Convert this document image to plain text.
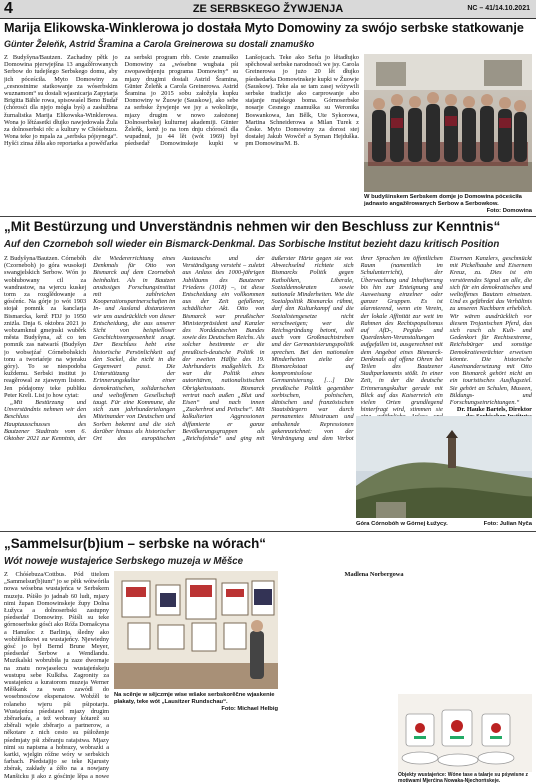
4	ZE SERBSKEGO ŽYWJENJA	NC – 41/14.10.2021
Marija Elikowska-Winklerowa jo dostała Myto Domowiny za swójo serbske statkowanje
Günter Želeňk, Astrid Šramina a Carola Greinerowa su dostali znamuško

Z Budyšyna/Bautzen. Zachadny pětk jo Domowina pjerwjejšna 13 angažěrowanych Serbow do tudejšego Serbskego domu, aby jich póceściła. Myto Domowiny za „cesnostnime statkowanje za wóserbskim wuznamom“ su dostali wjasnicarja Zapytarja Brigitta Bähle rowa, spisowaśel Beno Budař (chórosći dla njejo mógła byś) a zasłužbna žurnalistka Marija Elikowska-Winklerowa. Wona jo lětźasetki dłujko nawjedowała Žula za dolnoserbski rěc a kultury w Chóśebuzu. Wona teke jo mpala za „serbska pójsynega“. Hyšći zinsa źěła ako reportarka a powěďarka za serbski program rbb. Ceste znamuško Domowiny za „wósebne wugbaia pśi zwopawdnjenju programa Domowiny“ su mjazy drugimi dostali Astrid Šramina, Günter Želeňk a Carola Greinerowa. Astrid Šramina jo 2015 sobu załožyła kupku Domowiny w Žuowje (Sauskow), ako sebe za serbske žywjenje we jsy a wokolinje, mjazy drugim w nowo założonej Dolnoserbskej kulturnej akademiji. Günter Želeňk, kenž jo na tom dnju chórosći dla wupadnuł, ju 44 lět (wót 1969) był pśedsedař Domowinskeje kupki w Lanšojcach. Teke ako Sefta jo lětadłujko spěchował serbske narodnosći we jsy. Carola Greinerowa jo jużo 20 lět dłujko pśedsedarka Domowinskeje kupki w Žuowje (Sauskow). Teke ala se tam zasej wóżywili serbske tradicije ako carprowanje abo stajanje majskego boma. Górnoserbske nosarje Cesnego znamuška su Weronika Boswankowa, Jan Bělk, Ute Sykorowa, Martina Schneiderowa a Milan Turek z Česke. Myto Domowiny za dorost stej dostałej Jakub Wowčeř a Syman Hejduška. pm Domowina/M. B.

W budyšinskem Serbskem domje jo Domowina póceściła jadnasto angažěrowanych Serbow a Serbowkow.
Foto: Domowina
„Mit Bestürzung und Unverständnis nehmen wir den Beschluss zur Kenntnis“
Auf den Czorneboh soll wieder ein Bismarck-Denkmal. Das Sorbische Institut bezieht dazu kritisch Position

Z Budyšyna/Bautzen. Córnebóh (Czorneboh) jo góra wusokeji swangjelskich Serbow. Wón jo wobłubowany cil za wandrastow, na wjercu kuskej torm za rozglědowanje a gósćeńc. Na górje jo wót 1903 stojał pomnik za kanclarja Bismarcka, kenž FDJ jo 1950 zniżla. Dnja 6. oktobra 2021 jo wobzamknuł gmejnski wuběrk města Budyšyna, až co ten pomnik zas natwariś (Budyšyn jo wobsejźaŕ Córnebohskich tonu a tworiaŕeje na wjeraku góry). To se niespodoba kuždemu. Serbski institut jo reagěrowal ze zjawnym listom. Jen pódajomy teke publiku Peter Kreli. List jo how cytat:

„Mit Bestürzung und Unverständnis nehmen wir den Beschluss des Hauptausschusses des Bautzener Stadtrats vom 6. Oktober 2021 zur Kenntnis, der die Wiedererrichtung eines Denkmals für Otto von Bismarck auf dem Czorneboh beinhaltet. Als in Bautzen ansässiges Forschungsinstitut mit zahlreichen Kooperationspartnerschaften im In- und Ausland distanzieren wir uns ausdrücklich von dieser Entscheidung, die aus unserer Sicht von beispielloser Geschichtsvergessenheit zeugt. Der Beschluss hebt eine historische Persönlichkeit auf den Sockel, die nicht in die Gegenwart passt. Die Unterstützung der Erinnerungskultur einer demokratischen, solidarischen und weltoffenen Gesellschaft taugt. Für eine Kommune, die sich zum jahrhundertelangen Miteinander von Deutschen und Sorben bekennt und die sich darüber hinaus als historischer Ort des europäischen Austauschs und der Verständigung versteht – zuletzt aus Anlass des 1000-jährigen Jubiläums des Bautzener Friedens (1018) –, ist diese Entscheidung ein vollkommen aus der Zeit gefallener, schädlicher Akt. Otto von Bismarck war preußischer Ministerpräsident und Kanzler des Norddeutschen Bundes sowie des Deutschen Reichs. Als solcher bestimmte er die preußisch-deutsche Politik in der zweiten Hälfte des 19. Jahrhunderts maßgeblich. Es war die Politik eines autoritären, nationalistischen Obrigkeitsstaats. Bismarck vertrat nach außen „Blut und Eisen“ und nach innen „Zuckerbrot und Peitsche“. Mit kalkulierten Aggressionen diffamierte er ganze Bevölkerungsgruppen als „Reichsfeinde“ und ging mit äußerster Härte gegen sie vor. Abwechselnd richtete sich Bismarcks Politik gegen Katholiken, Liberale, Sozialdemokraten sowie nationale Minderheiten. Wie die Sozialpolitik Bismarcks rühmt, darf den Kulturkampf und die Sozialistengesetze nicht verschweigen; wer die Reichsgründung betont, soll auch vom Großmachtstreben und der Germanisierungspolitik sprechen. Bei den nationalen Minderheiten zielte der Bismarckstaat auf kompromisslose Germanisierung. […] Die preußische Politik gegenüber sorbischen, polnischen, dänischen und französischen Staatsbürgern war durch permanentes Misstrauen und anhaltende Repressionen gekennzeichnet: von der Verdrängung und dem Verbot ihrer Sprachen im öffentlichen Raum (namentlich im Schulunterricht), der Überwachung und Inhaftierung bis hin zur Enteignung und Ausweisung einzelner oder ganzer Gruppen. Es ist alarmierend, wenn ein Verein, der lokale Affinität zur weit im Rahmen des Rechtspopulismus auf AfD-, Pegida- und Querdenken-Veranstaltungen aufgefallen ist, ausgerechnet mit dem Angebot eines Bismarck-Denkmals auf offene Ohren bei Teilen des Bautzener Stadtparlaments stößt. In einer Zeit, in der die deutsche Erinnerungskultur gerade mit Blick auf das Kaiserreich ein vielen Orten grundlegend hinterfragt wird, stimmen sie Eisernen Kanzlers, geschmückt mit Pickelhaube und Eisernem Kreuz, zu. Dies ist ein verstörendes Signal an alle, die sich für ein demokratisches und weltoffenes Bautzen einsetzen. Und es gefährdet das Verhältnis zu unseren Nachbarn erheblich. Wir wären ausdrücklich vor diesem Trojanischen Pferd, das sich rasch als Kult- und Gedenkort für Rechtsextreme, Reichsbürger und sonstige Demokratieverächter erweisen könnte. Die historische Auseinandersetzung mit Otto von Bismarck gehört nicht an ein touristisches Ausflugsziel. Sie gehört an Schulen, Museen, Bildungs- und Forschungseinrichtungen.“

Dr. Hauke Bartels, Direktor

Góra Córnobóh w Górnej Łužycy.	Foto: Julian Nyča
„Sammelsur(b)ium – serbske na wórach“
Wót noweje wustajeńce Serbskego muzeja w Měšce

Z Chóśebuza/Cottbus. Pód titelom „Sammelsur(b)ium“ jo se pětk wótwóriła nowa wósebna wustajeńca w Serbskem muzeju. Pśiśło jo jadnab 60 ludi, mjazy nimi župan Domowinskeje župy Dolna Łužyca a dolnoserbski zastupny pśedsedař Domowiny. Pśiśli su teke górnoserbske gósći ako Róža Domašcyna a Hanušoc z Barlinja, śledny ako wobźělnikowi su wustajeńcy. Njewiedny gósć jo był Bernd Brune Meyer, pśedsedaŕ Serbow a Wendlandu. Muzikalski wobrubiła ju zaze dwornaje na znatu nowjaselecu wustajeńskeju wustupu sebe Kulkiba. Zagronity za wustajeńcu a kuratorom muzeja Werner Měškank za wam zawódl do wosebnosćow ekspenatow. Wobźěl te rolaneho wjeru pśi pśipotarju. Wustajeńca pśedstawi mjazy drugim zběrarkaŕa, a tež wobrasy kótarež su zběrali wjele zběrarjo a partnerow, a někotare z nich cesto su pśiłoženje pśedmjaty pśi zběranju ratajstwa. Mjazy nimi su napisma a hobrazy, wobrazki a kartki, wjelgin róžne wóry w serbskich farbach. Pśedstajijo se teke Kjarusty zbérak, zakłady a źěło na a nowjany Manšicku ji ako z gósćinje lěpa a nowe

Na scěnje w sějczmje wise wšake serbskorěčne wjaskenie plakaty, teke wót „Lausitzer Rundschau“.
Foto: Michael Helbig

Madlena Norbergowa

Objekty wustajeńce: Wóne tase a talarje su pśywisne z motiwami Mjerćina Nowaka-Njechorńskeje.
